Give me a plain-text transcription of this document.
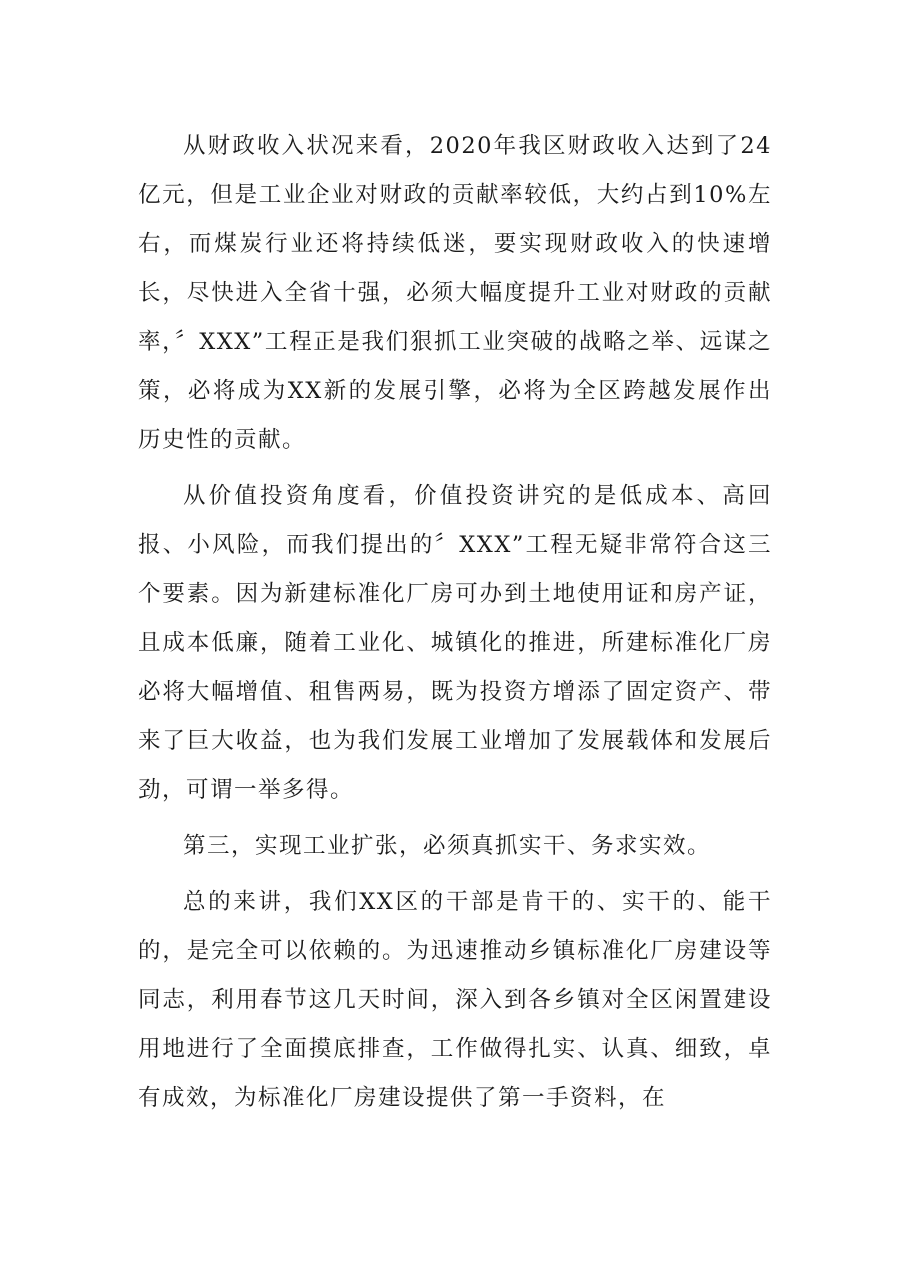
从财政收入状况来看，2020年我区财政收入达到了24亿元，但是工业企业对财政的贡献率较低，大约占到10%左右，而煤炭行业还将持续低迷，要实现财政收入的快速增长，尽快进入全省十强，必须大幅度提升工业对财政的贡献率，〞XXX”工程正是我们狠抓工业突破的战略之举、远谋之策，必将成为XX新的发展引擎，必将为全区跨越发展作出历史性的贡献。

从价值投资角度看，价值投资讲究的是低成本、高回报、小风险，而我们提出的〞XXX”工程无疑非常符合这三个要素。因为新建标准化厂房可办到土地使用证和房产证，且成本低廉，随着工业化、城镇化的推进，所建标准化厂房必将大幅增值、租售两易，既为投资方增添了固定资产、带来了巨大收益，也为我们发展工业增加了发展载体和发展后劲，可谓一举多得。

第三，实现工业扩张，必须真抓实干、务求实效。

总的来讲，我们XX区的干部是肯干的、实干的、能干的，是完全可以依赖的。为迅速推动乡镇标准化厂房建设等同志，利用春节这几天时间，深入到各乡镇对全区闲置建设用地进行了全面摸底排查，工作做得扎实、认真、细致，卓有成效，为标准化厂房建设提供了第一手资料，在
